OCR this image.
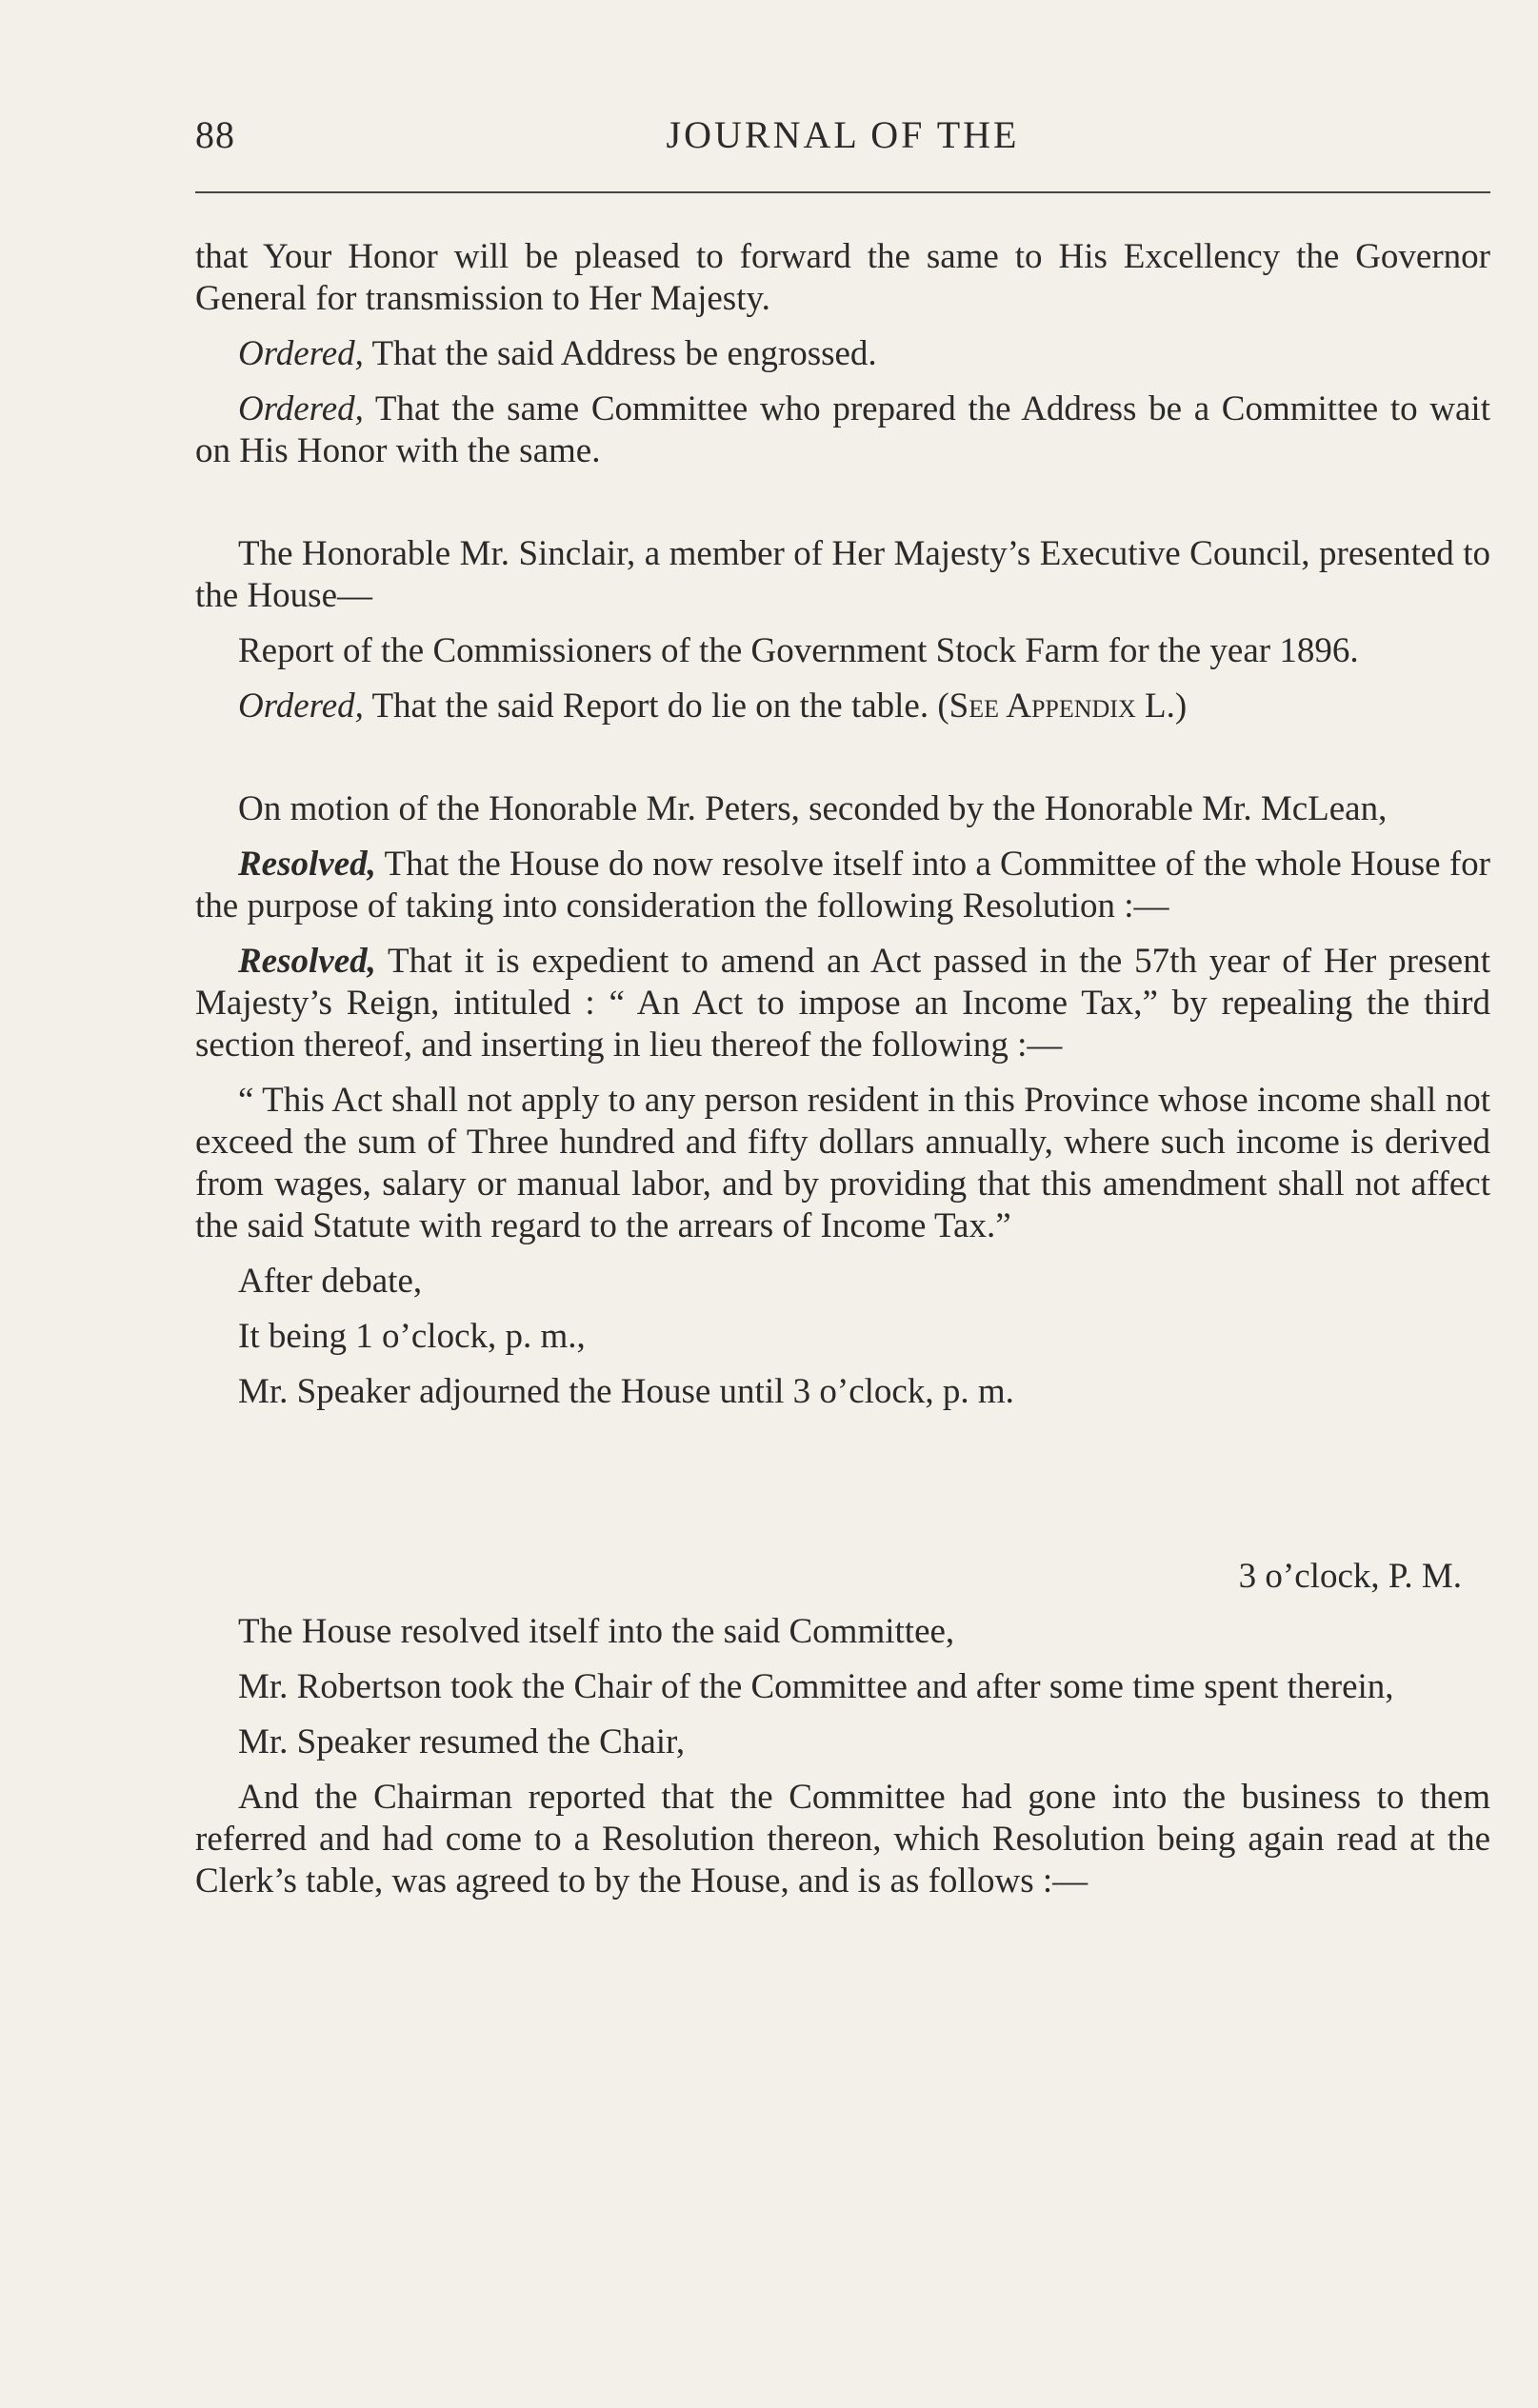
JOURNAL OF THE
88

that Your Honor will be pleased to forward the same to His Excellency the Governor General for transmission to Her Majesty.

Ordered, That the said Address be engrossed.

Ordered, That the same Committee who prepared the Address be a Committee to wait on His Honor with the same.

The Honorable Mr. Sinclair, a member of Her Majesty’s Executive Council, presented to the House—

Report of the Commissioners of the Government Stock Farm for the year 1896.

Ordered, That the said Report do lie on the table. (See Appendix L.)

On motion of the Honorable Mr. Peters, seconded by the Honorable Mr. McLean,

Resolved, That the House do now resolve itself into a Committee of the whole House for the purpose of taking into consideration the following Resolution :—

Resolved, That it is expedient to amend an Act passed in the 57th year of Her present Majesty’s Reign, intituled : “ An Act to impose an Income Tax,” by repealing the third section thereof, and inserting in lieu thereof the following :—

“ This Act shall not apply to any person resident in this Province whose income shall not exceed the sum of Three hundred and fifty dollars annually, where such income is derived from wages, salary or manual labor, and by providing that this amendment shall not affect the said Statute with regard to the arrears of Income Tax.”

After debate,

It being 1 o’clock, p. m.,

Mr. Speaker adjourned the House until 3 o’clock, p. m.

3 o’clock, P. M.

The House resolved itself into the said Committee,

Mr. Robertson took the Chair of the Committee and after some time spent therein,

Mr. Speaker resumed the Chair,

And the Chairman reported that the Committee had gone into the business to them referred and had come to a Resolution thereon, which Resolution being again read at the Clerk’s table, was agreed to by the House, and is as follows :—
